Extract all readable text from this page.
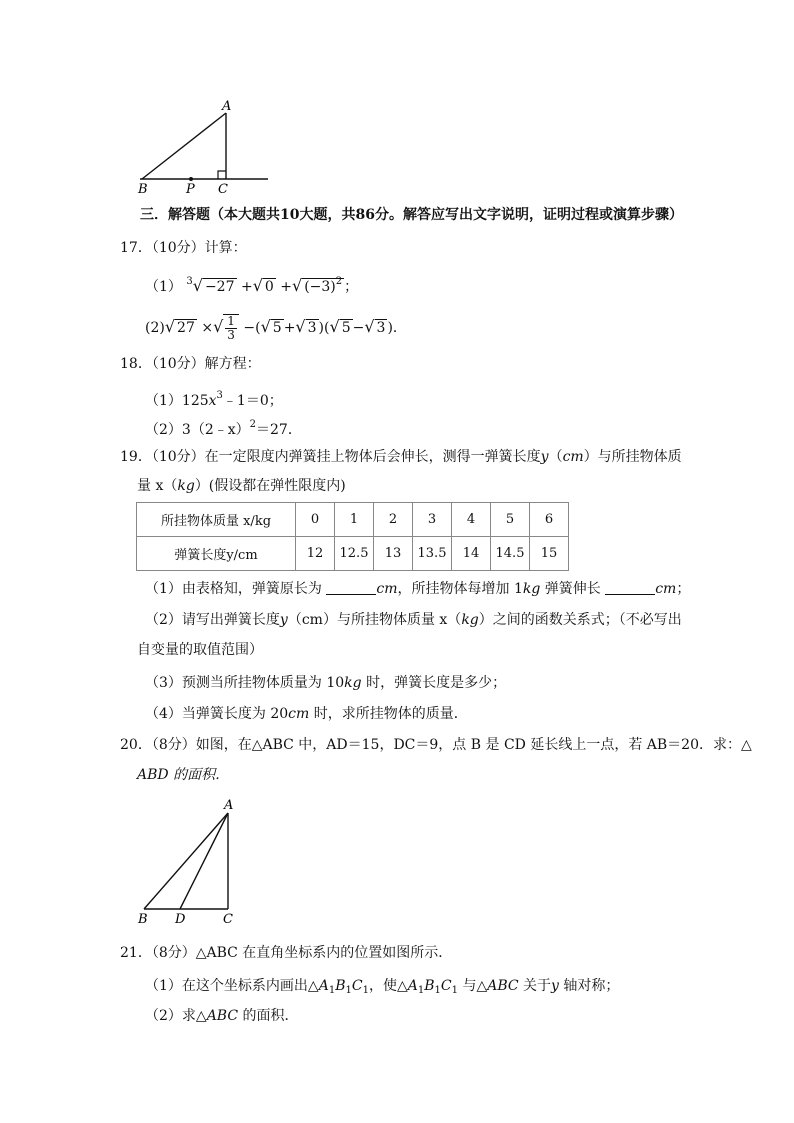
A
B	P C
三．解答题（本大题共10大题，共86分。解答应写出文字说明，证明过程或演算步骤）
17．（10分）计算：
（1） $^3$√ −27 +√ 0 +√ $(-3)^2$ ；
(2)√ 27 ×√ $\frac{1}{3}$ −(√ 5 +√ 3 )(√ 5 −√ 3 )．
18．（10分）解方程：
$(1)125x^3﹣1=0$；
（2）3（2﹣x）$^2$＝27．
19．（10分）在一定限度内弹簧挂上物体后会伸长，测得一弹簧长度y（cm）与所挂物体质
量 x（kg）(假设都在弹性限度内)
所挂物体质量 x/kg	0	1	2	3	4	5	6
弹簧长度y/cm	12	12.5	13	13.5	14	14.5	15
（1）由表格知，弹簧原长为	cm，所挂物体每增加 1kg 弹簧伸长	cm；
（2）请写出弹簧长度y（cm）与所挂物体质量 x（kg）之间的函数关系式；（不必写出
自变量的取值范围）
（3）预测当所挂物体质量为 10kg 时，弹簧长度是多少；
（4）当弹簧长度为 20cm 时，求所挂物体的质量．
20．（8分）如图，在△ABC 中，AD＝15，DC＝9，点 B 是 CD 延长线上一点，若 AB＝20．求：△
ABD 的面积．
A
B D	C
21．（8分）△ABC 在直角坐标系内的位置如图所示．
（1）在这个坐标系内画出$\triangle A_1B_1C_1$，使$\triangle A_1B_1C_1$ 与△ABC 关于y 轴对称；
（2）求△ABC 的面积．
